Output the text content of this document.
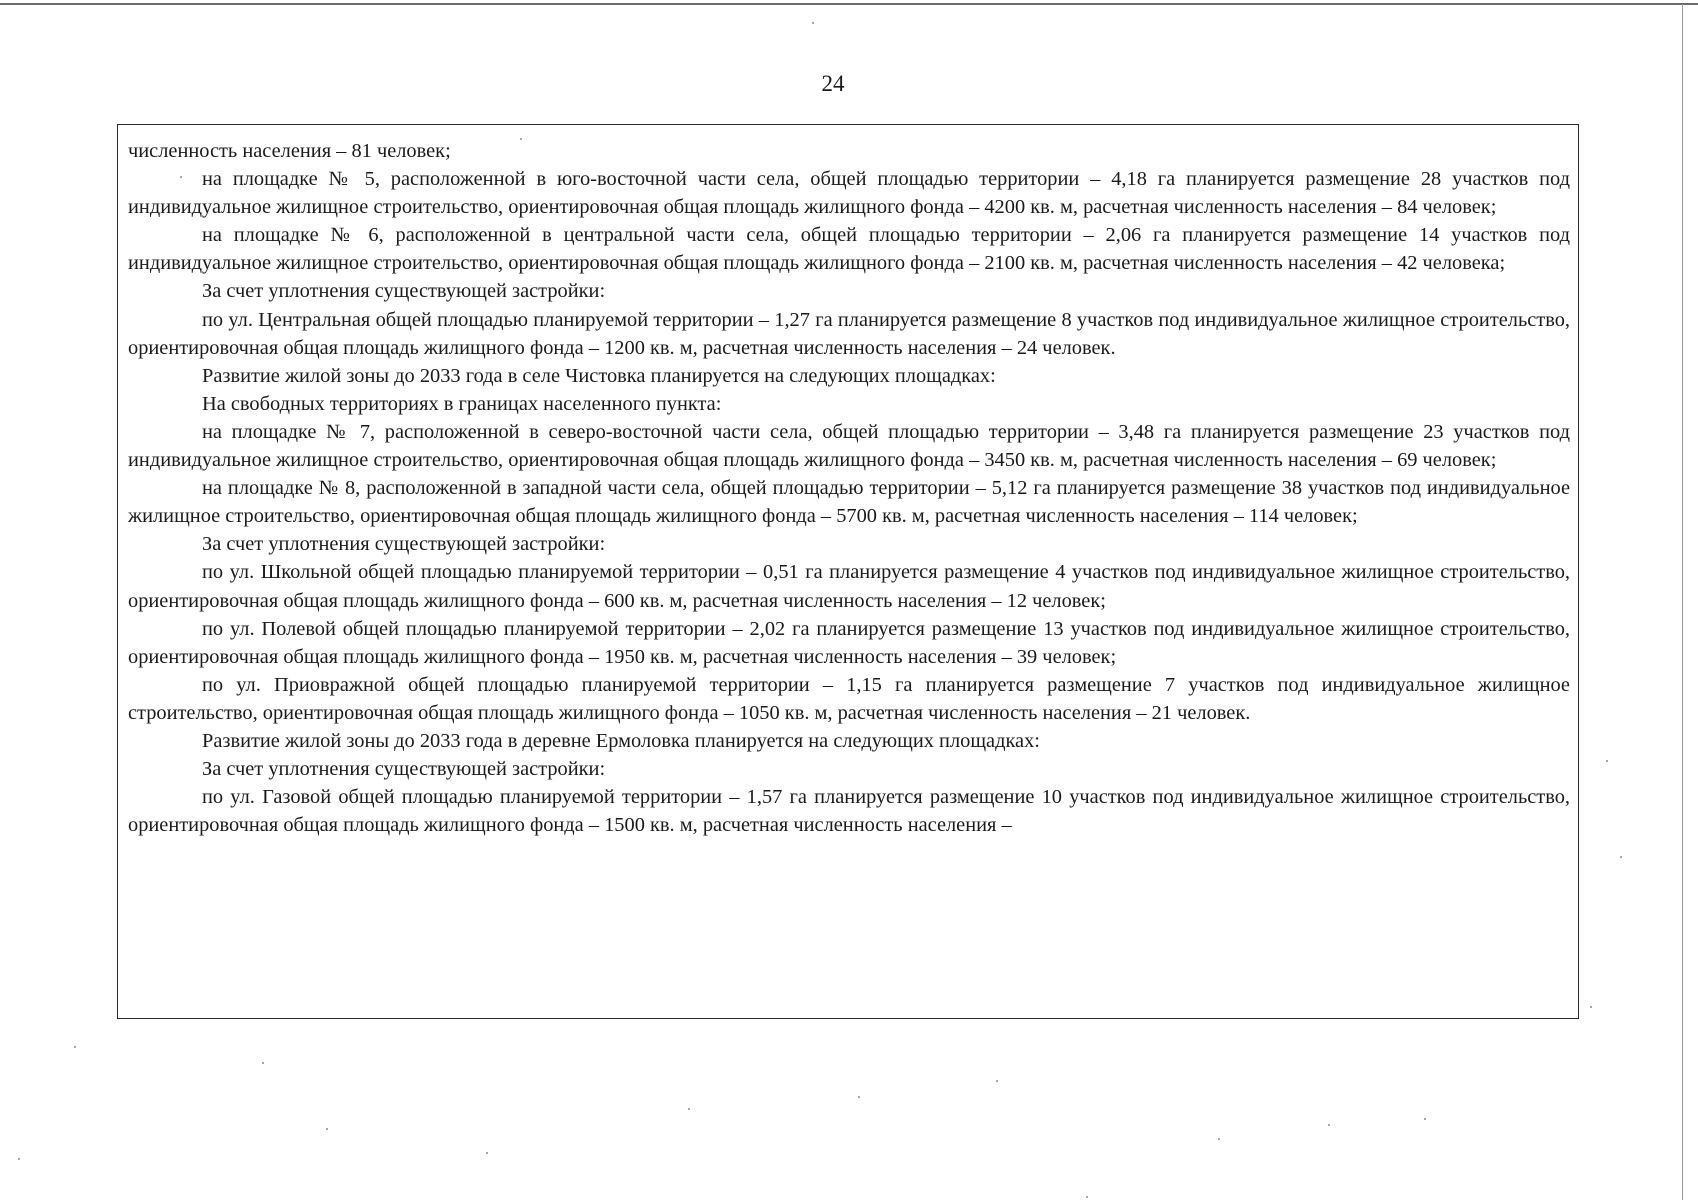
24

численность населения – 81 человек;

на площадке № 5, расположенной в юго-восточной части села, общей площадью территории – 4,18 га планируется размещение 28 участков под индивидуальное жилищное строительство, ориентировочная общая площадь жилищного фонда – 4200 кв. м, расчетная численность населения – 84 человек;

на площадке № 6, расположенной в центральной части села, общей площадью территории – 2,06 га планируется размещение 14 участков под индивидуальное жилищное строительство, ориентировочная общая площадь жилищного фонда – 2100 кв. м, расчетная численность населения – 42 человека;

За счет уплотнения существующей застройки:

по ул. Центральная общей площадью планируемой территории – 1,27 га планируется размещение 8 участков под индивидуальное жилищное строительство, ориентировочная общая площадь жилищного фонда – 1200 кв. м, расчетная численность населения – 24 человек.

Развитие жилой зоны до 2033 года в селе Чистовка планируется на следующих площадках:

На свободных территориях в границах населенного пункта:

на площадке № 7, расположенной в северо-восточной части села, общей площадью территории – 3,48 га планируется размещение 23 участков под индивидуальное жилищное строительство, ориентировочная общая площадь жилищного фонда – 3450 кв. м, расчетная численность населения – 69 человек;

на площадке № 8, расположенной в западной части села, общей площадью территории – 5,12 га планируется размещение 38 участков под индивидуальное жилищное строительство, ориентировочная общая площадь жилищного фонда – 5700 кв. м, расчетная численность населения – 114 человек;

За счет уплотнения существующей застройки:

по ул. Школьной общей площадью планируемой территории – 0,51 га планируется размещение 4 участков под индивидуальное жилищное строительство, ориентировочная общая площадь жилищного фонда – 600 кв. м, расчетная численность населения – 12 человек;

по ул. Полевой общей площадью планируемой территории – 2,02 га планируется размещение 13 участков под индивидуальное жилищное строительство, ориентировочная общая площадь жилищного фонда – 1950 кв. м, расчетная численность населения – 39 человек;

по ул. Приовражной общей площадью планируемой территории – 1,15 га планируется размещение 7 участков под индивидуальное жилищное строительство, ориентировочная общая площадь жилищного фонда – 1050 кв. м, расчетная численность населения – 21 человек.

Развитие жилой зоны до 2033 года в деревне Ермоловка планируется на следующих площадках:

За счет уплотнения существующей застройки:

по ул. Газовой общей площадью планируемой территории – 1,57 га планируется размещение 10 участков под индивидуальное жилищное строительство, ориентировочная общая площадь жилищного фонда – 1500 кв. м, расчетная численность населения –
